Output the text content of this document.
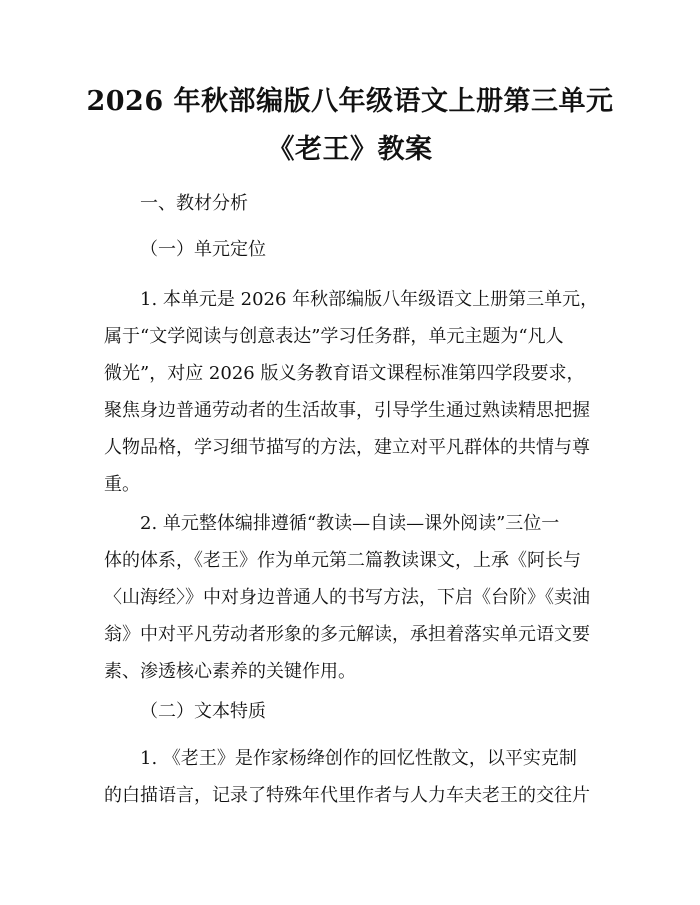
2026 年秋部编版八年级语文上册第三单元
《老王》教案
一、教材分析
（一）单元定位
1. 本单元是 2026 年秋部编版八年级语文上册第三单元，
属于“文学阅读与创意表达”学习任务群，单元主题为“凡人
微光”，对应 2026 版义务教育语文课程标准第四学段要求，
聚焦身边普通劳动者的生活故事，引导学生通过熟读精思把握
人物品格，学习细节描写的方法，建立对平凡群体的共情与尊
重。
2. 单元整体编排遵循“教读—自读—课外阅读”三位一
体的体系，《老王》作为单元第二篇教读课文，上承《阿长与
〈山海经〉》中对身边普通人的书写方法，下启《台阶》《卖油
翁》中对平凡劳动者形象的多元解读，承担着落实单元语文要
素、渗透核心素养的关键作用。
（二）文本特质
1. 《老王》是作家杨绛创作的回忆性散文，以平实克制
的白描语言，记录了特殊年代里作者与人力车夫老王的交往片
